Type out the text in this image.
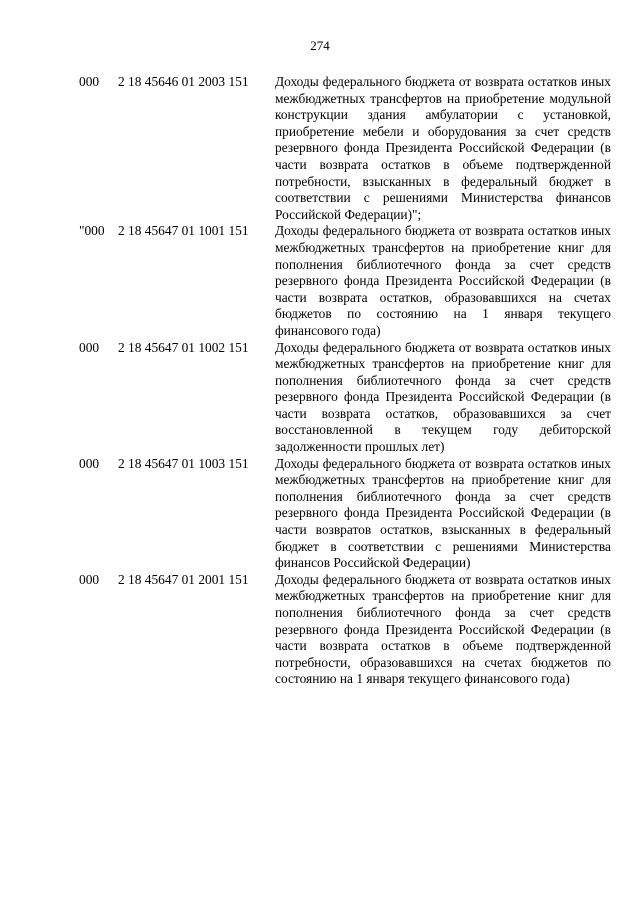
274
000 2 18 45646 01 2003 151 Доходы федерального бюджета от возврата остатков иных межбюджетных трансфертов на приобретение модульной конструкции здания амбулатории с установкой, приобретение мебели и оборудования за счет средств резервного фонда Президента Российской Федерации (в части возврата остатков в объеме подтвержденной потребности, взысканных в федеральный бюджет в соответствии с решениями Министерства финансов Российской Федерации)";
"000 2 18 45647 01 1001 151 Доходы федерального бюджета от возврата остатков иных межбюджетных трансфертов на приобретение книг для пополнения библиотечного фонда за счет средств резервного фонда Президента Российской Федерации (в части возврата остатков, образовавшихся на счетах бюджетов по состоянию на 1 января текущего финансового года)
000 2 18 45647 01 1002 151 Доходы федерального бюджета от возврата остатков иных межбюджетных трансфертов на приобретение книг для пополнения библиотечного фонда за счет средств резервного фонда Президента Российской Федерации (в части возврата остатков, образовавшихся за счет восстановленной в текущем году дебиторской задолженности прошлых лет)
000 2 18 45647 01 1003 151 Доходы федерального бюджета от возврата остатков иных межбюджетных трансфертов на приобретение книг для пополнения библиотечного фонда за счет средств резервного фонда Президента Российской Федерации (в части возвратов остатков, взысканных в федеральный бюджет в соответствии с решениями Министерства финансов Российской Федерации)
000 2 18 45647 01 2001 151 Доходы федерального бюджета от возврата остатков иных межбюджетных трансфертов на приобретение книг для пополнения библиотечного фонда за счет средств резервного фонда Президента Российской Федерации (в части возврата остатков в объеме подтвержденной потребности, образовавшихся на счетах бюджетов по состоянию на 1 января текущего финансового года)
